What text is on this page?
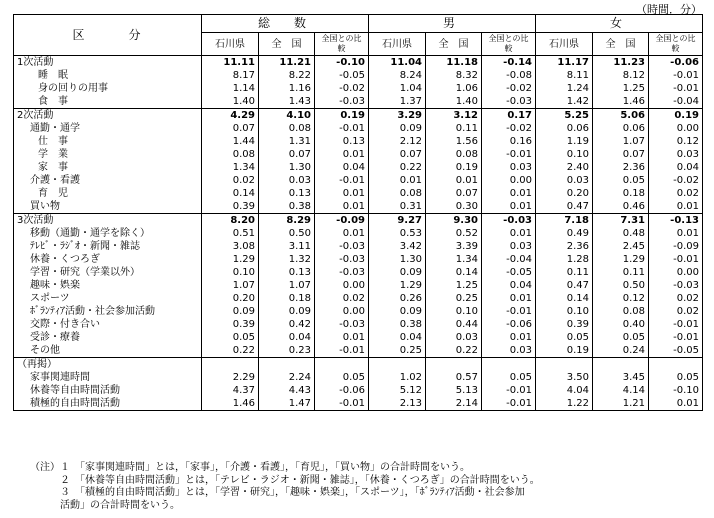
（時間．分）
区　　　分	総　数			男			女		
	石川県	全　国	全国との比較	石川県	全　国	全国との比較	石川県	全　国	全国との比較
1次活動	11.11	11.21	-0.10	11.04	11.18	-0.14	11.17	11.23	-0.06
睡　眠	8.17	8.22	-0.05	8.24	8.32	-0.08	8.11	8.12	-0.01
身の回りの用事	1.14	1.16	-0.02	1.04	1.06	-0.02	1.24	1.25	-0.01
食　事	1.40	1.43	-0.03	1.37	1.40	-0.03	1.42	1.46	-0.04
2次活動	4.29	4.10	0.19	3.29	3.12	0.17	5.25	5.06	0.19
通勤・通学	0.07	0.08	-0.01	0.09	0.11	-0.02	0.06	0.06	0.00
仕　事	1.44	1.31	0.13	2.12	1.56	0.16	1.19	1.07	0.12
学　業	0.08	0.07	0.01	0.07	0.08	-0.01	0.10	0.07	0.03
家　事	1.34	1.30	0.04	0.22	0.19	0.03	2.40	2.36	0.04
介護・看護	0.02	0.03	-0.01	0.01	0.01	0.00	0.03	0.05	-0.02
育　児	0.14	0.13	0.01	0.08	0.07	0.01	0.20	0.18	0.02
買い物	0.39	0.38	0.01	0.31	0.30	0.01	0.47	0.46	0.01
3次活動	8.20	8.29	-0.09	9.27	9.30	-0.03	7.18	7.31	-0.13
移動（通勤・通学を除く）	0.51	0.50	0.01	0.53	0.52	0.01	0.49	0.48	0.01
ﾃﾚﾋﾞ・ﾗｼﾞｵ・新聞・雑誌	3.08	3.11	-0.03	3.42	3.39	0.03	2.36	2.45	-0.09
休養・くつろぎ	1.29	1.32	-0.03	1.30	1.34	-0.04	1.28	1.29	-0.01
学習・研究（学業以外）	0.10	0.13	-0.03	0.09	0.14	-0.05	0.11	0.11	0.00
趣味・娯楽	1.07	1.07	0.00	1.29	1.25	0.04	0.47	0.50	-0.03
スポーツ	0.20	0.18	0.02	0.26	0.25	0.01	0.14	0.12	0.02
ﾎﾞﾗﾝﾃｨｱ活動・社会参加活動	0.09	0.09	0.00	0.09	0.10	-0.01	0.10	0.08	0.02
交際・付き合い	0.39	0.42	-0.03	0.38	0.44	-0.06	0.39	0.40	-0.01
受診・療養	0.05	0.04	0.01	0.04	0.03	0.01	0.05	0.05	-0.01
その他	0.22	0.23	-0.01	0.25	0.22	0.03	0.19	0.24	-0.05
（再掲）									
家事関連時間	2.29	2.24	0.05	1.02	0.57	0.05	3.50	3.45	0.05
休養等自由時間活動	4.37	4.43	-0.06	5.12	5.13	-0.01	4.04	4.14	-0.10
積極的自由時間活動	1.46	1.47	-0.01	2.13	2.14	-0.01	1.22	1.21	0.01
（注）１　「家事関連時間」とは，「家事」，「介護・看護」，「育児」，「買い物」の合計時間をいう。
　　　２　「休養等自由時間活動」とは，「テレビ・ラジオ・新聞・雑誌」，「休養・くつろぎ」の合計時間をいう。
　　　３　「積極的自由時間活動」とは，「学習・研究」，「趣味・娯楽」，「スポーツ」，「ﾎﾞﾗﾝﾃｨｱ活動・社会参加
　　　活動」の合計時間をいう。
